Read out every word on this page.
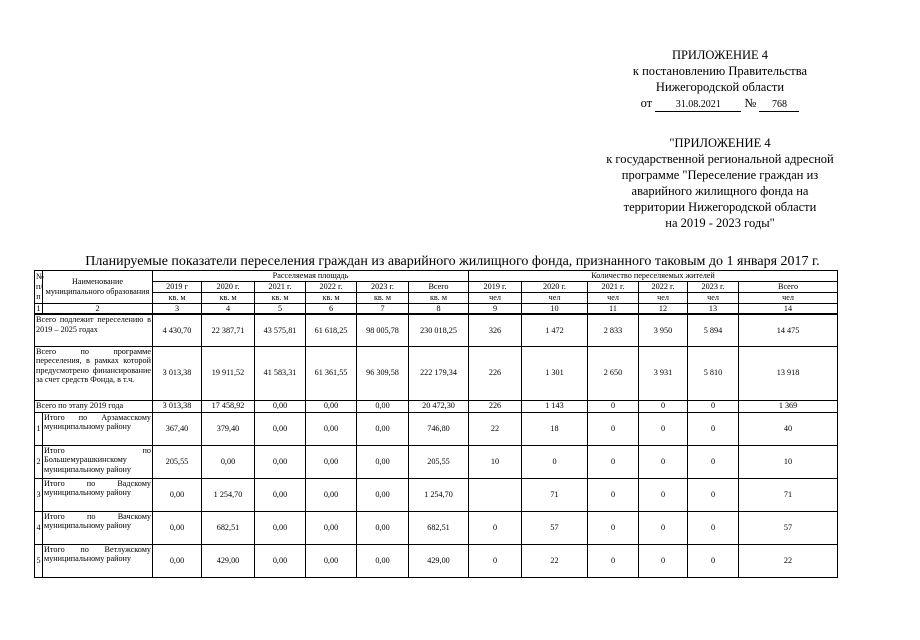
ПРИЛОЖЕНИЕ 4
к постановлению Правительства
Нижегородской области
от 31.08.2021 № 768
"ПРИЛОЖЕНИЕ 4
к государственной региональной адресной
программе "Переселение граждан из
аварийного жилищного фонда на
территории Нижегородской области
на 2019 - 2023 годы"
Планируемые показатели переселения граждан из аварийного жилищного фонда, признанного таковым до 1 января 2017 г.
№ п/ п	Наименование муниципального образования	Расселяемая площадь						Количество переселяемых жителей					
		2019 г	2020 г.	2021 г.	2022 г.	2023 г.	Всего	2019 г.	2020 г.	2021 г.	2022 г.	2023 г.	Всего
		кв. м	кв. м	кв. м	кв. м	кв. м	кв. м	чел	чел	чел	чел	чел	чел
1	2	3	4	5	6	7	8	9	10	11	12	13	14
Всего подлежит переселению в 2019 – 2025 годах		4 430,70	22 387,71	43 575,81	61 618,25	98 005,78	230 018,25	326	1 472	2 833	3 950	5 894	14 475
Всего по программе переселения, в рамках которой предусмотрено финансирование за счет средств Фонда, в т.ч.		3 013,38	19 911,52	41 583,31	61 361,55	96 309,58	222 179,34	226	1 301	2 650	3 931	5 810	13 918
Всего по этапу 2019 года		3 013,38	17 458,92	0,00	0,00	0,00	20 472,30	226	1 143	0	0	0	1 369
1	Итого по Арзамасскому муниципальному району	367,40	379,40	0,00	0,00	0,00	746,80	22	18	0	0	0	40
2	Итого по Большемурашкинскому муниципальному району	205,55	0,00	0,00	0,00	0,00	205,55	10	0	0	0	0	10
3	Итого по Вадскому муниципальному району	0,00	1 254,70	0,00	0,00	0,00	1 254,70		71	0	0	0	71
4	Итого по Вачскому муниципальному району	0,00	682,51	0,00	0,00	0,00	682,51	0	57	0	0	0	57
5	Итого по Ветлужскому муниципальному району	0,00	429,00	0,00	0,00	0,00	429,00	0	22	0	0	0	22
